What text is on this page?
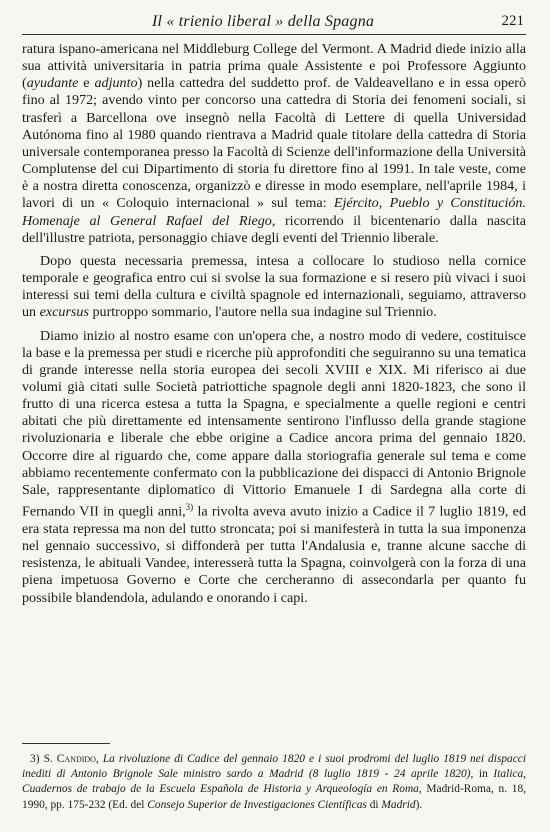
Il « trienio liberal » della Spagna	221

ratura ispano-americana nel Middleburg College del Vermont. A Madrid diede inizio alla sua attività universitaria in patria prima quale Assistente e poi Professore Aggiunto (ayudante e adjunto) nella cattedra del suddetto prof. de Valdeavellano e in essa operò fino al 1972; avendo vinto per concorso una cattedra di Storia dei fenomeni sociali, si trasferì a Barcellona ove insegnò nella Facoltà di Lettere di quella Universidad Autónoma fino al 1980 quando rientrava a Madrid quale titolare della cattedra di Storia universale contemporanea presso la Facoltà di Scienze dell'informazione della Università Complutense del cui Dipartimento di storia fu direttore fino al 1991. In tale veste, come è a nostra diretta conoscenza, organizzò e diresse in modo esemplare, nell'aprile 1984, i lavori di un « Coloquio internacional » sul tema: Ejército, Pueblo y Constitución. Homenaje al General Rafael del Riego, ricorrendo il bicentenario dalla nascita dell'illustre patriota, personaggio chiave degli eventi del Triennio liberale.

Dopo questa necessaria premessa, intesa a collocare lo studioso nella cornice temporale e geografica entro cui si svolse la sua formazione e si resero più vivaci i suoi interessi sui temi della cultura e civiltà spagnole ed internazionali, seguiamo, attraverso un excursus purtroppo sommario, l'autore nella sua indagine sul Triennio.

Diamo inizio al nostro esame con un'opera che, a nostro modo di vedere, costituisce la base e la premessa per studi e ricerche più approfonditi che seguiranno su una tematica di grande interesse nella storia europea dei secoli XVIII e XIX. Mi riferisco ai due volumi già citati sulle Società patriottiche spagnole degli anni 1820-1823, che sono il frutto di una ricerca estesa a tutta la Spagna, e specialmente a quelle regioni e centri abitati che più direttamente ed intensamente sentirono l'influsso della grande stagione rivoluzionaria e liberale che ebbe origine a Cadice ancora prima del gennaio 1820. Occorre dire al riguardo che, come appare dalla storiografia generale sul tema e come abbiamo recentemente confermato con la pubblicazione dei dispacci di Antonio Brignole Sale, rappresentante diplomatico di Vittorio Emanuele I di Sardegna alla corte di Fernando VII in quegli anni,$^{3)}$ la rivolta aveva avuto inizio a Cadice il 7 luglio 1819, ed era stata repressa ma non del tutto stroncata; poi si manifesterà in tutta la sua imponenza nel gennaio successivo, si diffonderà per tutta l'Andalusia e, tranne alcune sacche di resistenza, le abituali Vandee, interesserà tutta la Spagna, coinvolgerà con la forza di una piena impetuosa Governo e Corte che cercheranno di assecondarla per quanto fu possibile blandendola, adulando e onorando i capi.

3) S. Candido, La rivoluzione di Cadice del gennaio 1820 e i suoi prodromi del luglio 1819 nei dispacci inediti di Antonio Brignole Sale ministro sardo a Madrid (8 luglio 1819 - 24 aprile 1820), in Italica, Cuadernos de trabajo de la Escuela Española de Historia y Arqueología en Roma, Madrid-Roma, n. 18, 1990, pp. 175-232 (Ed. del Consejo Superior de Investigaciones Científicas di Madrid).
